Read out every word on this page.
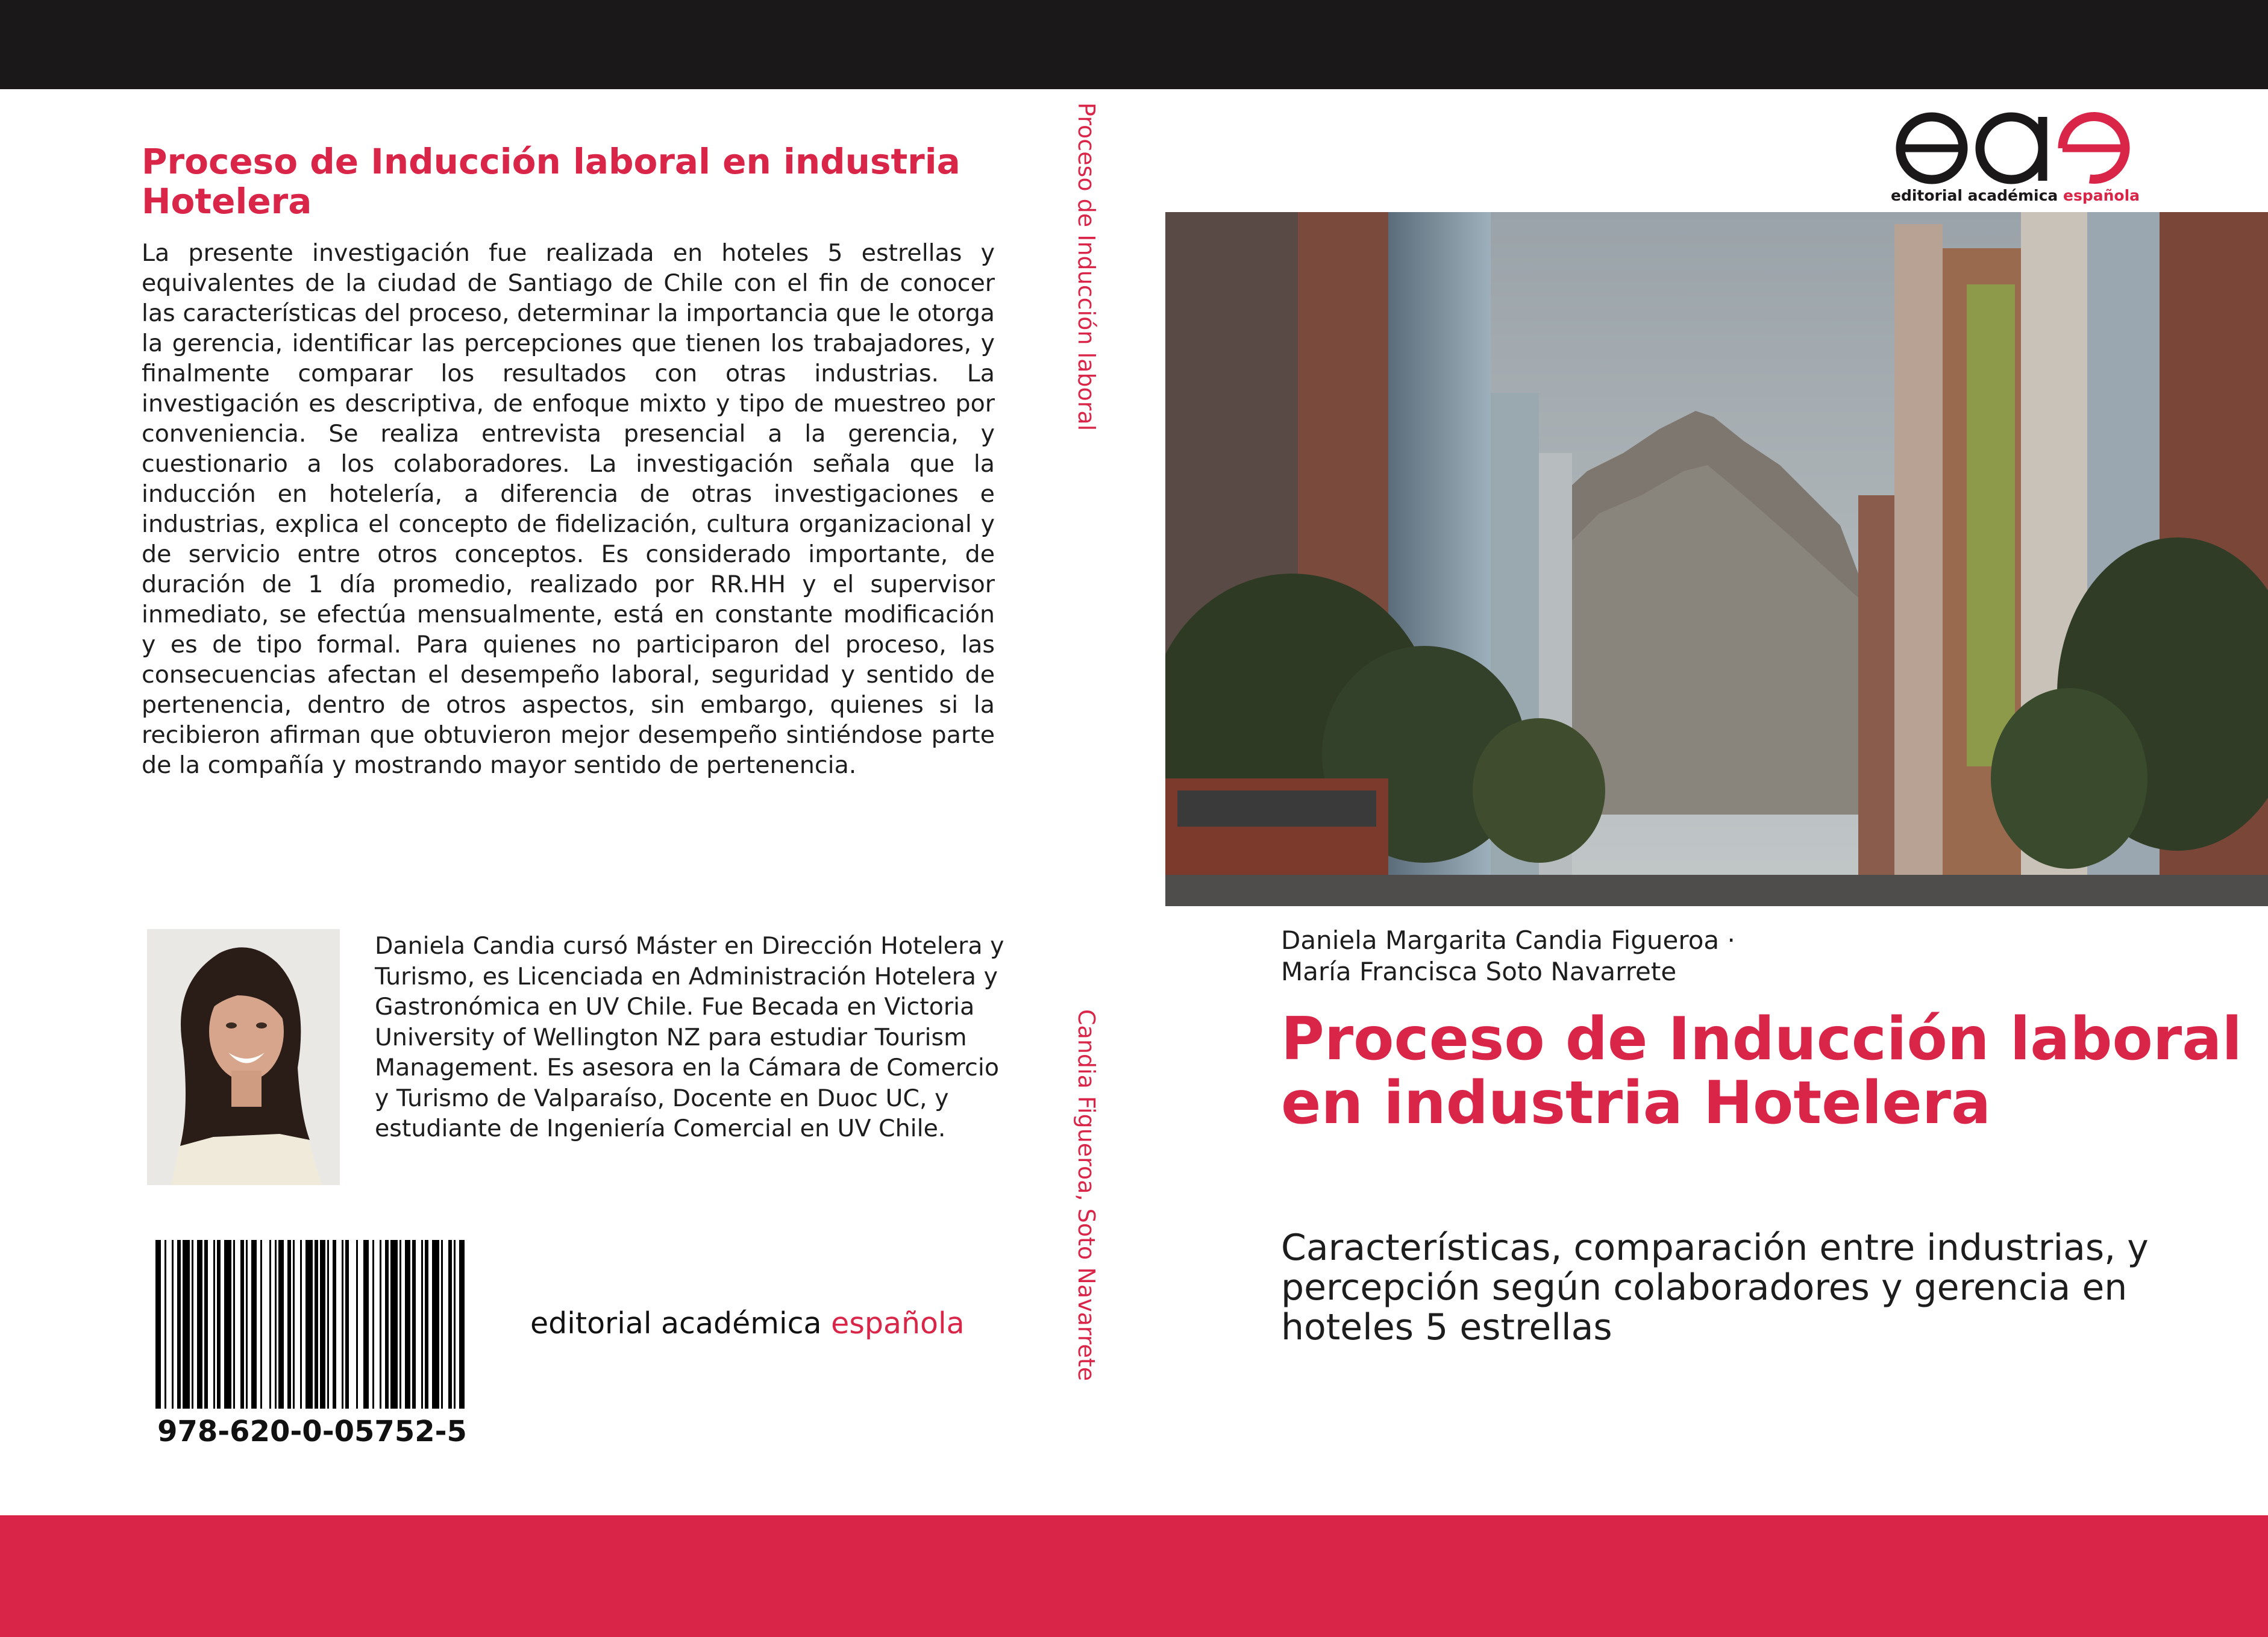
Proceso de Inducción laboral en industria Hotelera

La presente investigación fue realizada en hoteles 5 estrellas y equivalentes de la ciudad de Santiago de Chile con el fin de conocer las características del proceso, determinar la importancia que le otorga la gerencia, identificar las percepciones que tienen los trabajadores, y finalmente comparar los resultados con otras industrias. La investigación es descriptiva, de enfoque mixto y tipo de muestreo por conveniencia. Se realiza entrevista presencial a la gerencia, y cuestionario a los colaboradores. La investigación señala que la inducción en hotelería, a diferencia de otras investigaciones e industrias, explica el concepto de fidelización, cultura organizacional y de servicio entre otros conceptos. Es considerado importante, de duración de 1 día promedio, realizado por RR.HH y el supervisor inmediato, se efectúa mensualmente, está en constante modificación y es de tipo formal. Para quienes no participaron del proceso, las consecuencias afectan el desempeño laboral, seguridad y sentido de pertenencia, dentro de otros aspectos, sin embargo, quienes si la recibieron afirman que obtuvieron mejor desempeño sintiéndose parte de la compañía y mostrando mayor sentido de pertenencia.

Daniela Candia cursó Máster en Dirección Hotelera y Turismo, es Licenciada en Administración Hotelera y Gastronómica en UV Chile. Fue Becada en Victoria University of Wellington NZ para estudiar Tourism Management. Es asesora en la Cámara de Comercio y Turismo de Valparaíso, Docente en Duoc UC, y estudiante de Ingeniería Comercial en UV Chile.

978-620-0-05752-5
editorial académica española
Proceso de Inducción laboral
Candia Figueroa, Soto Navarrete
editorial académica española

Daniela Margarita Candia Figueroa ·
María Francisca Soto Navarrete

Proceso de Inducción laboral en industria Hotelera

Características, comparación entre industrias, y percepción según colaboradores y gerencia en hoteles 5 estrellas
